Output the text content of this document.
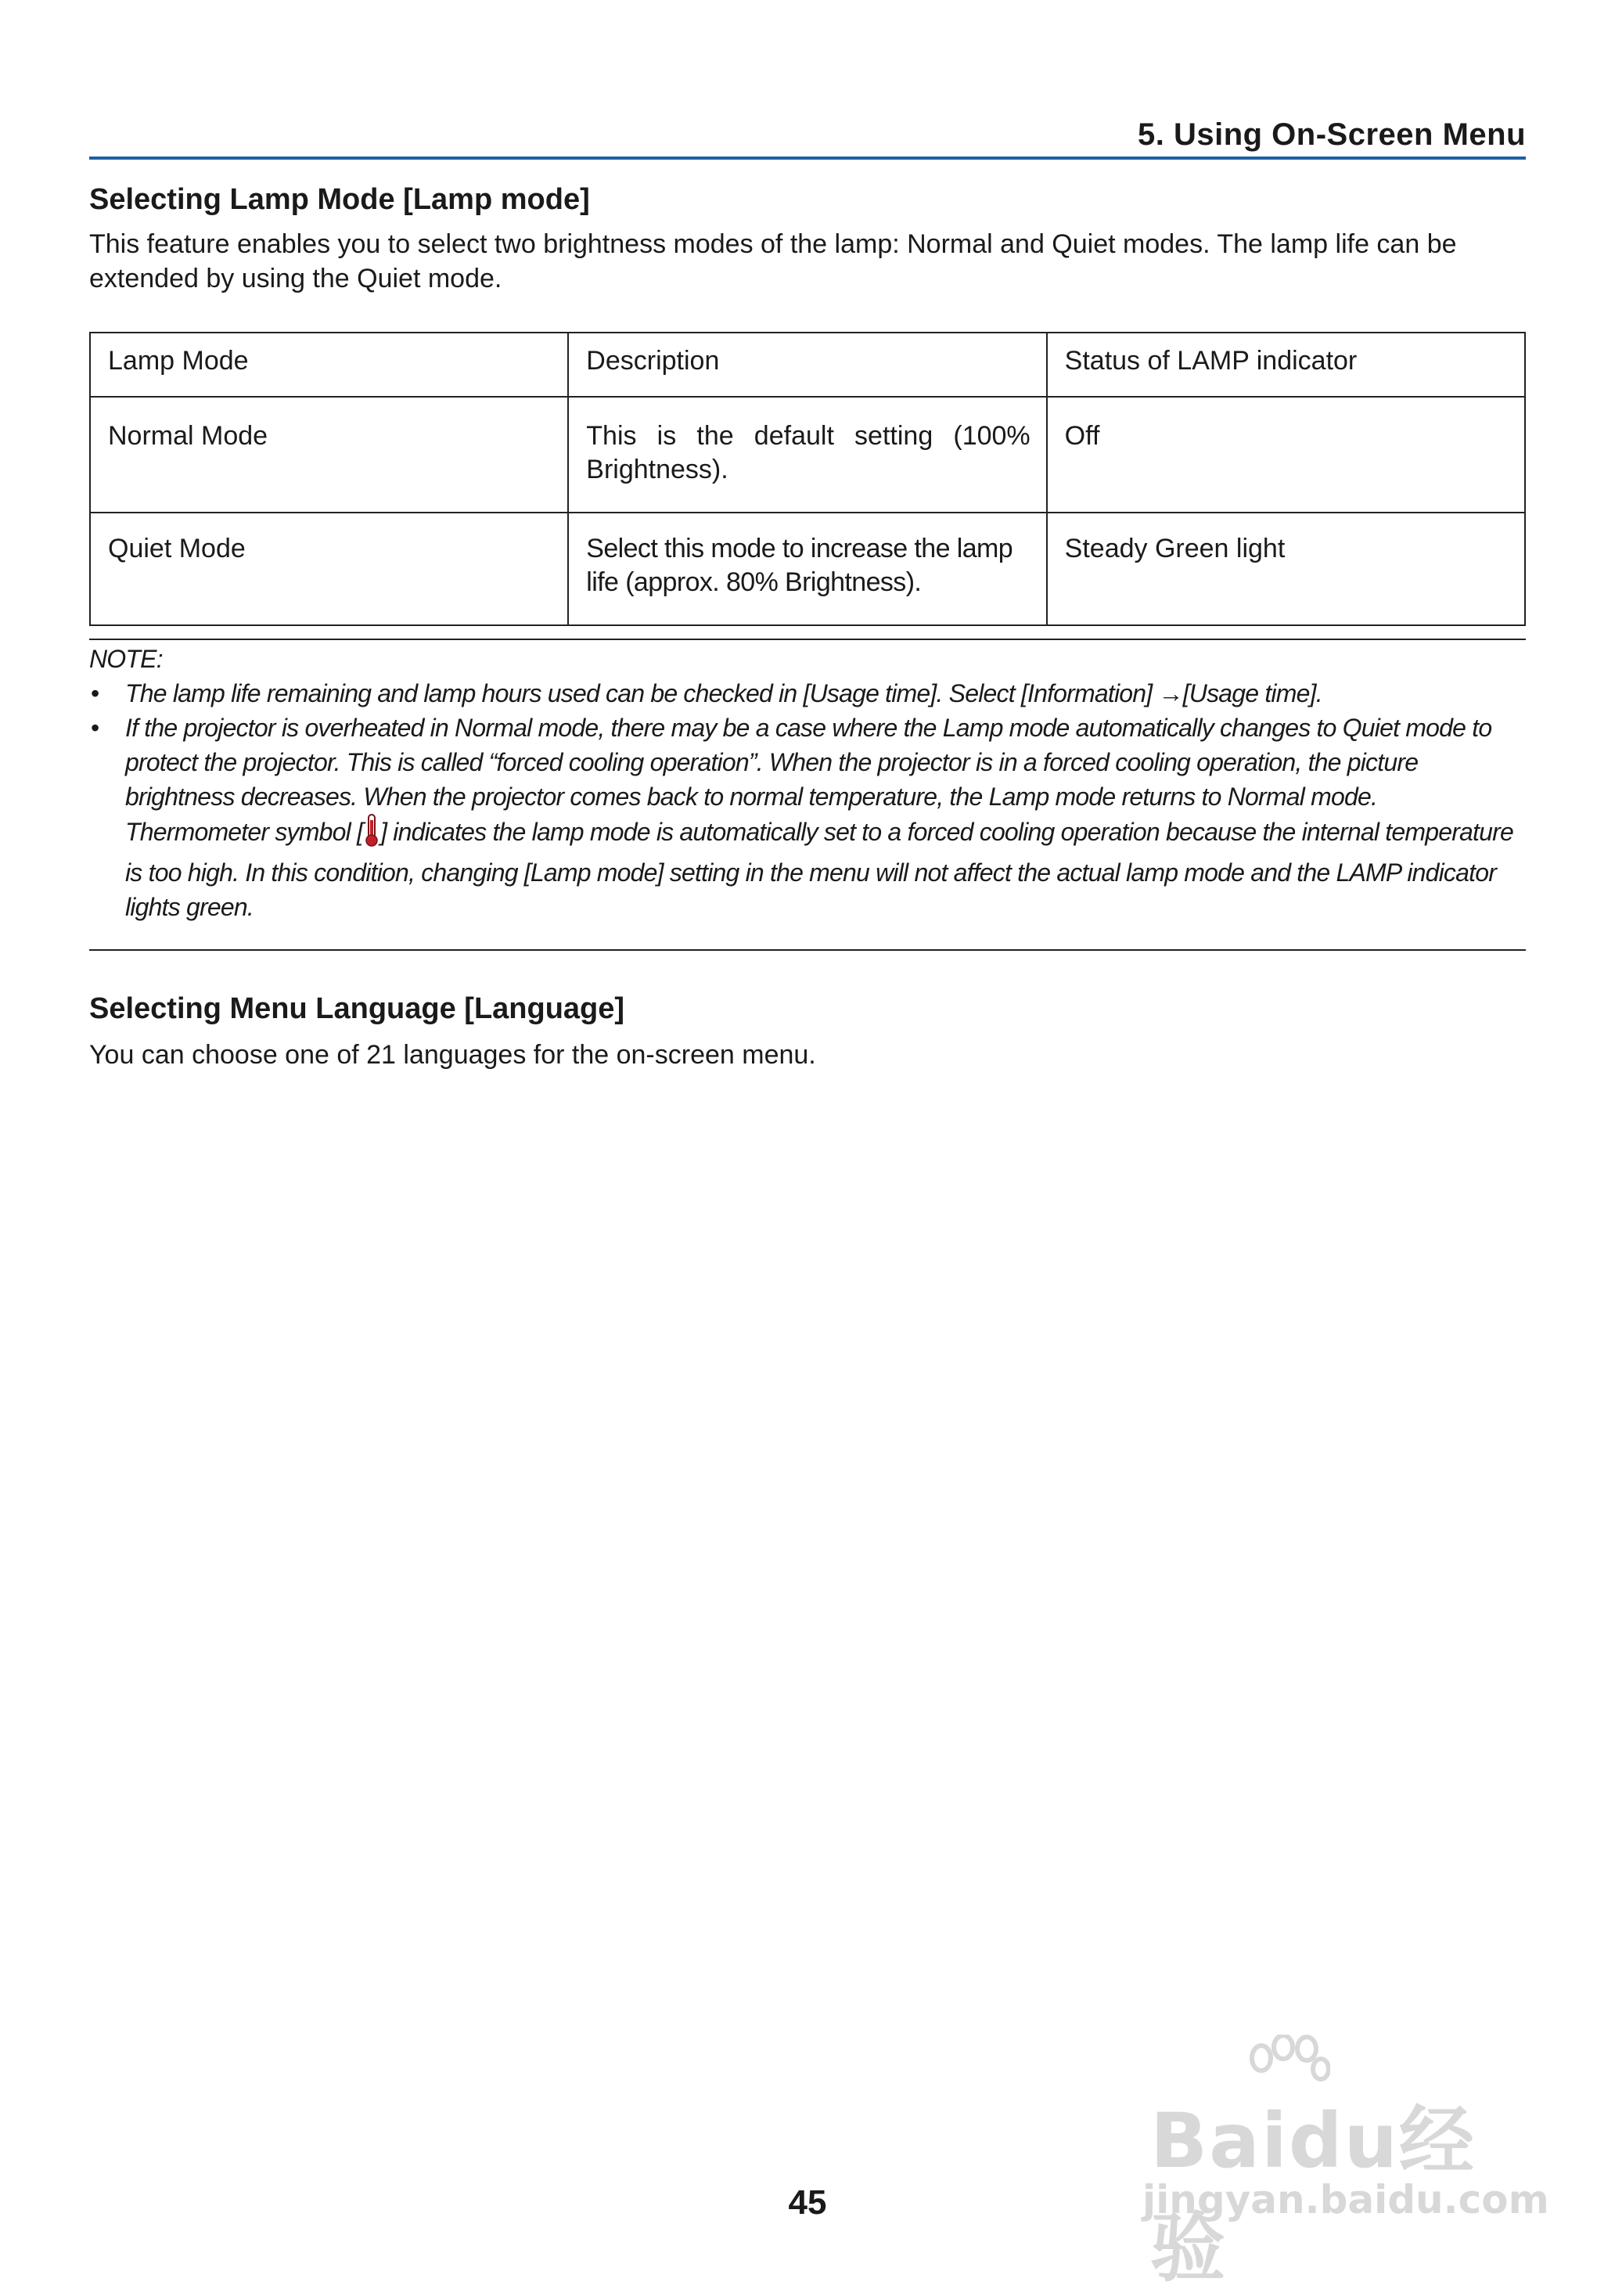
5. Using On-Screen Menu
Selecting Lamp Mode [Lamp mode]

This feature enables you to select two brightness modes of the lamp: Normal and Quiet modes. The lamp life can be extended by using the Quiet mode.

Lamp Mode	Description	Status of LAMP indicator
Normal Mode	This is the default setting (100% Brightness).	Off
Quiet Mode	Select this mode to increase the lamp life (approx. 80% Brightness).	Steady Green light
NOTE:
• The lamp life remaining and lamp hours used can be checked in [Usage time]. Select [Information] →[Usage time].

• If the projector is overheated in Normal mode, there may be a case where the Lamp mode automatically changes to Quiet mode to protect the projector. This is called “forced cooling operation”. When the projector is in a forced cooling operation, the picture brightness decreases. When the projector comes back to normal temperature, the Lamp mode returns to Normal mode.

Thermometer symbol [ ] indicates the lamp mode is automatically set to a forced cooling operation because the internal temperature is too high. In this condition, changing [Lamp mode] setting in the menu will not affect the actual lamp mode and the LAMP indicator lights green.

Selecting Menu Language [Language]

You can choose one of 21 languages for the on-screen menu.

45
Baidu经验
jingyan.baidu.com
